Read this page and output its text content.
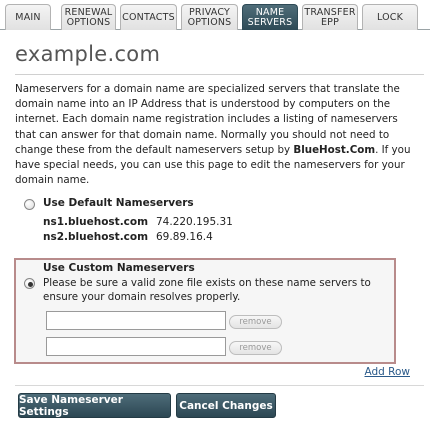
MAIN	RENEWAL OPTIONS	CONTACTS	PRIVACY OPTIONS
NAME SERVERS
TRANSFER EPP	LOCK
example.com
Nameservers for a domain name are specialized servers that translate the domain name into an IP Address that is understood by computers on the internet. Each domain name registration includes a listing of nameservers that can answer for that domain name. Normally you should not need to change these from the default nameservers setup by BlueHost.Com. If you have special needs, you can use this page to edit the nameservers for your domain name.
Use Default Nameservers
ns1.bluehost.com 74.220.195.31
ns2.bluehost.com 69.89.16.4
Use Custom Nameservers
Please be sure a valid zone file exists on these name servers to ensure your domain resolves properly.
remove
remove
Add Row
Save Nameserver Settings	Cancel Changes
